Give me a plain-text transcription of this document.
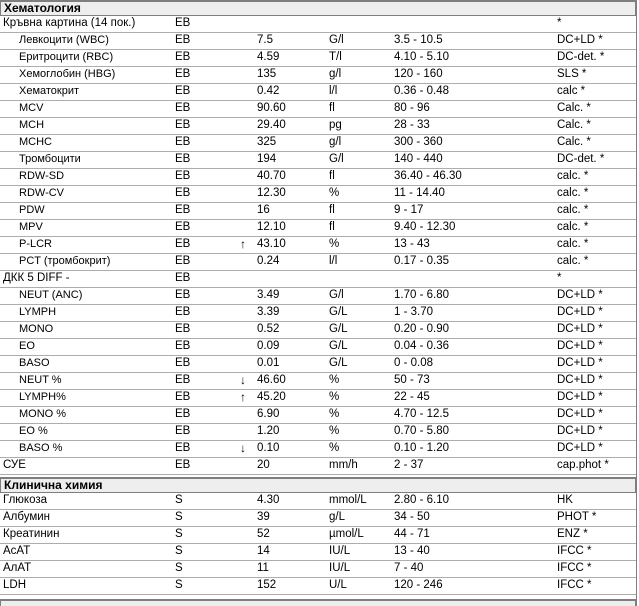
Хематология
Кръвна картина (14 пок.)	EB	*
Левкоцити (WBC)	EB	7.5	G/l	3.5 - 10.5	DC+LD *
Еритроцити (RBC)	EB	4.59	T/l	4.10 - 5.10	DC-det. *
Хемоглобин (HBG)	EB	135	g/l	120 - 160	SLS *
Хематокрит	EB	0.42	l/l	0.36 - 0.48	calc *
MCV	EB	90.60	fl	80 - 96	Calc. *
MCH	EB	29.40	pg	28 - 33	Calc. *
MCHC	EB	325	g/l	300 - 360	Calc. *
Тромбоцити	EB	194	G/l	140 - 440	DC-det. *
RDW-SD	EB	40.70	fl	36.40 - 46.30	calc. *
RDW-CV	EB	12.30	%	11 - 14.40	calc. *
PDW	EB	16	fl	9 - 17	calc. *
MPV	EB	12.10	fl	9.40 - 12.30	calc. *
P-LCR	EB	↑ 43.10	%	13 - 43	calc. *
PCT (тромбокрит)	EB	0.24	l/l	0.17 - 0.35	calc. *
ДКК 5 DIFF -	EB	*
NEUT (ANC)	EB	3.49	G/l	1.70 - 6.80	DC+LD *
LYMPH	EB	3.39	G/L	1 - 3.70	DC+LD *
MONO	EB	0.52	G/L	0.20 - 0.90	DC+LD *
EO	EB	0.09	G/L	0.04 - 0.36	DC+LD *
BASO	EB	0.01	G/L	0 - 0.08	DC+LD *
NEUT %	EB	↓ 46.60	%	50 - 73	DC+LD *
LYMPH%	EB	↑ 45.20	%	22 - 45	DC+LD *
MONO %	EB	6.90	%	4.70 - 12.5	DC+LD *
EO %	EB	1.20	%	0.70 - 5.80	DC+LD *
BASO %	EB	↓ 0.10	%	0.10 - 1.20	DC+LD *
СУЕ	EB	20	mm/h	2 - 37	cap.phot *
Клинична химия
Глюкоза	S	4.30	mmol/L 2.80 - 6.10	HK
Албумин	S	39	g/L	34 - 50	PHOT *
Креатинин	S	52	µmol/L	44 - 71	ENZ *
АсАТ	S	14	IU/L	13 - 40	IFCC *
АлАТ	S	11	IU/L	7 - 40	IFCC *
LDH	S	152	U/L	120 - 246	IFCC *
